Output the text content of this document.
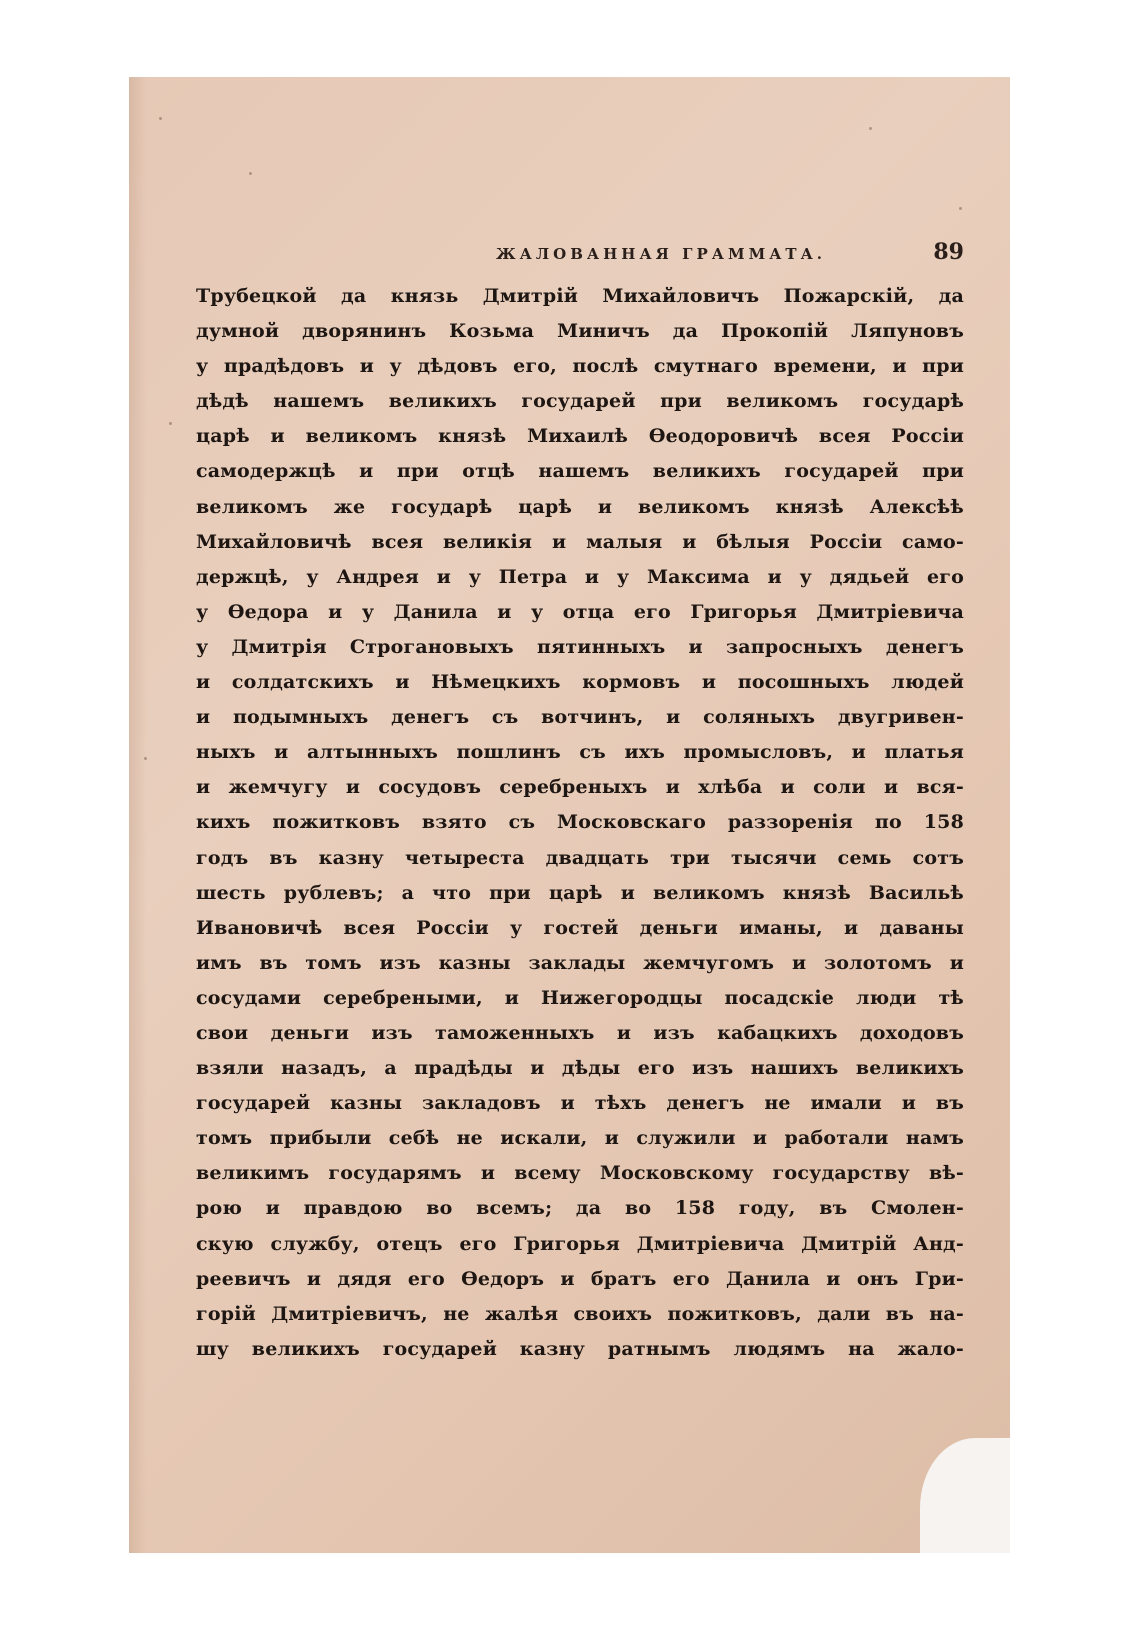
ЖАЛОВАННАЯ ГРАММАТА.	89
Трубецкой да князь Дмитрій Михайловичъ Пожарскій, да
думной дворянинъ Козьма Миничъ да Прокопій Ляпуновъ
у прадѣдовъ и у дѣдовъ его, послѣ смутнаго времени, и при
дѣдѣ нашемъ великихъ государей при великомъ государѣ
царѣ и великомъ князѣ Михаилѣ Ѳеодоровичѣ всея Россіи
самодержцѣ и при отцѣ нашемъ великихъ государей при
великомъ же государѣ царѣ и великомъ князѣ Алексѣѣ
Михайловичѣ всея великія и малыя и бѣлыя Россіи само-
держцѣ, у Андрея и у Петра и у Максима и у дядьей его
у Ѳедора и у Данила и у отца его Григорья Дмитріевича
у Дмитрія Строгановыхъ пятинныхъ и запросныхъ денегъ
и солдатскихъ и Нѣмецкихъ кормовъ и посошныхъ людей
и подымныхъ денегъ съ вотчинъ, и соляныхъ двугривен-
ныхъ и алтынныхъ пошлинъ съ ихъ промысловъ, и платья
и жемчугу и сосудовъ серебреныхъ и хлѣба и соли и вся-
кихъ пожитковъ взято съ Московскаго раззоренія по 158
годъ въ казну четыреста двадцать три тысячи семь сотъ
шесть рублевъ; а что при царѣ и великомъ князѣ Васильѣ
Ивановичѣ всея Россіи у гостей деньги иманы, и даваны
имъ въ томъ изъ казны заклады жемчугомъ и золотомъ и
сосудами серебреными, и Нижегородцы посадскіе люди тѣ
свои деньги изъ таможенныхъ и изъ кабацкихъ доходовъ
взяли назадъ, а прадѣды и дѣды его изъ нашихъ великихъ
государей казны закладовъ и тѣхъ денегъ не имали и въ
томъ прибыли себѣ не искали, и служили и работали намъ
великимъ государямъ и всему Московскому государству вѣ-
рою и правдою во всемъ; да во 158 году, въ Смолен-
скую службу, отецъ его Григорья Дмитріевича Дмитрій Анд-
реевичъ и дядя его Ѳедоръ и братъ его Данила и онъ Гри-
горій Дмитріевичъ, не жалѣя своихъ пожитковъ, дали въ на-
шу великихъ государей казну ратнымъ людямъ на жало-
